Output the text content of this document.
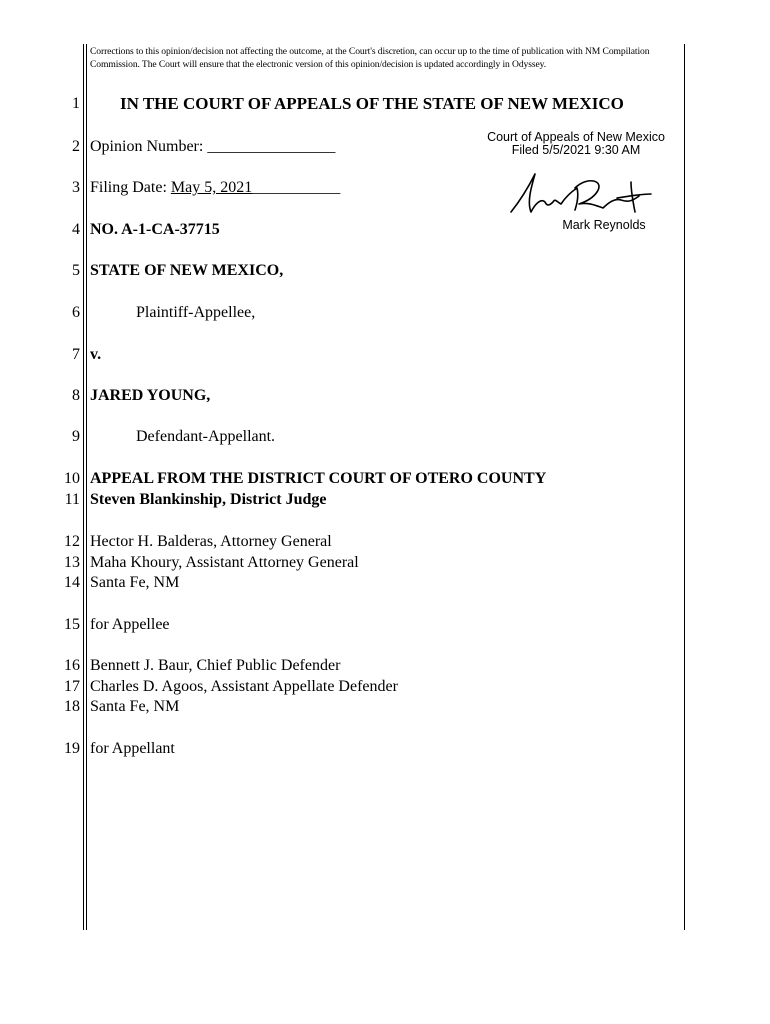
Corrections to this opinion/decision not affecting the outcome, at the Court's discretion, can occur up to the time of publication with NM Compilation Commission. The Court will ensure that the electronic version of this opinion/decision is updated accordingly in Odyssey.
1
2
3
4
5
6
7
8
9
10
11
12
13
14
15
16
17
18
19
IN THE COURT OF APPEALS OF THE STATE OF NEW MEXICO
Opinion Number: ________________
Filing Date: May 5, 2021___________
NO. A-1-CA-37715
STATE OF NEW MEXICO,
Plaintiff-Appellee,
v.
JARED YOUNG,
Defendant-Appellant.
APPEAL FROM THE DISTRICT COURT OF OTERO COUNTY
Steven Blankinship, District Judge
Hector H. Balderas, Attorney General
Maha Khoury, Assistant Attorney General
Santa Fe, NM
for Appellee
Bennett J. Baur, Chief Public Defender
Charles D. Agoos, Assistant Appellate Defender
Santa Fe, NM
for Appellant
Court of Appeals of New Mexico
Filed 5/5/2021 9:30 AM
Mark Reynolds
